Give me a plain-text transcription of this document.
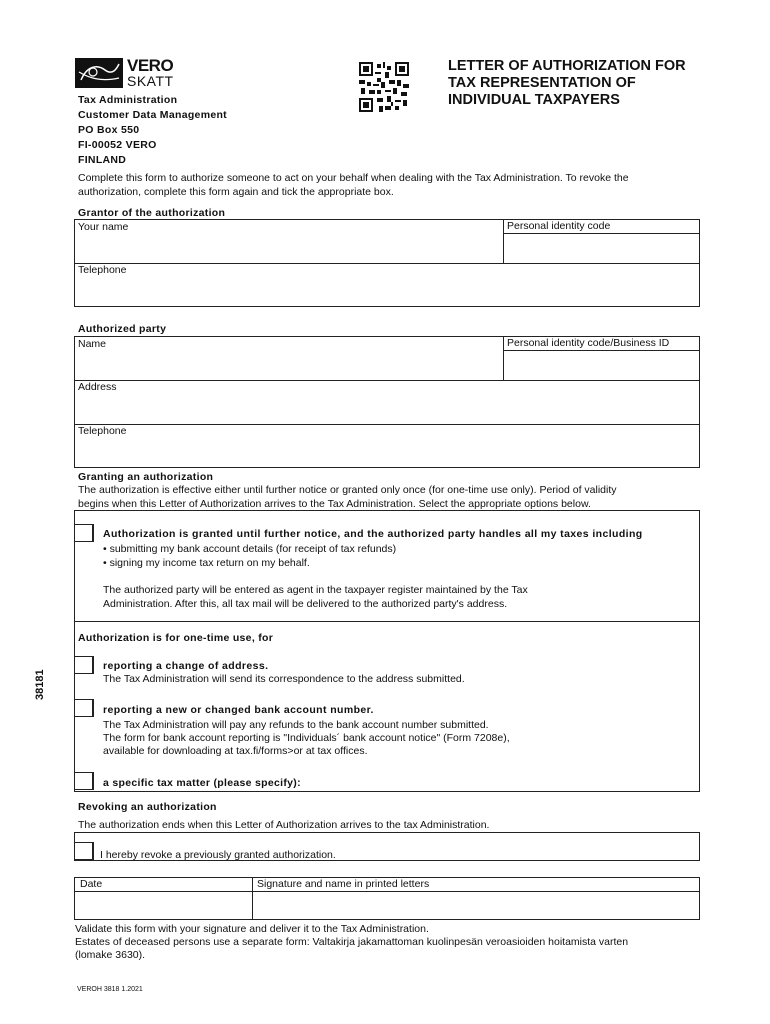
VERO
SKATT
LETTER OF AUTHORIZATION FOR
TAX REPRESENTATION OF
INDIVIDUAL TAXPAYERS
Tax Administration
Customer Data Management
PO Box 550
FI-00052 VERO
FINLAND
Complete this form to authorize someone to act on your behalf when dealing with the Tax Administration. To revoke the
authorization, complete this form again and tick the appropriate box.
Grantor of the authorization
Your name	Personal identity code
Telephone
Authorized party
Name	Personal identity code/Business ID
Address
Telephone
Granting an authorization
The authorization is effective either until further notice or granted only once (for one-time use only). Period of validity
begins when this Letter of Authorization arrives to the Tax Administration. Select the appropriate options below.
Authorization is granted until further notice, and the authorized party handles all my taxes including
• submitting my bank account details (for receipt of tax refunds)
• signing my income tax return on my behalf.
The authorized party will be entered as agent in the taxpayer register maintained by the Tax
Administration. After this, all tax mail will be delivered to the authorized party's address.
Authorization is for one-time use, for
reporting a change of address.
The Tax Administration will send its correspondence to the address submitted.
reporting a new or changed bank account number.
The Tax Administration will pay any refunds to the bank account number submitted.
The form for bank account reporting is "Individuals´ bank account notice" (Form 7208e),
available for downloading at tax.fi/forms>or at tax offices.
a specific tax matter (please specify):
Revoking an authorization
The authorization ends when this Letter of Authorization arrives to the tax Administration.
I hereby revoke a previously granted authorization.
Date	Signature and name in printed letters
Validate this form with your signature and deliver it to the Tax Administration.
Estates of deceased persons use a separate form: Valtakirja jakamattoman kuolinpesän veroasioiden hoitamista varten
(lomake 3630).
VEROH 3818 1.2021
38181
